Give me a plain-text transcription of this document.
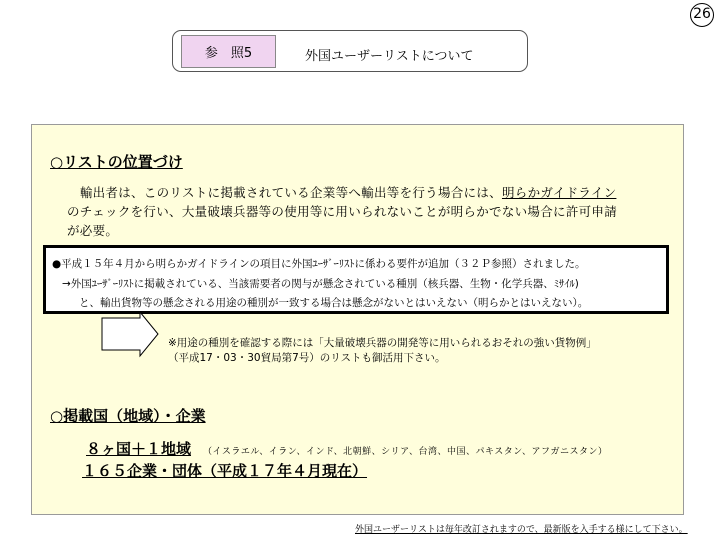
26
参　照5	外国ユーザーリストについて
○リストの位置づけ
　輸出者は、このリストに掲載されている企業等へ輸出等を行う場合には、明らかガイドライン
のチェックを行い、大量破壊兵器等の使用等に用いられないことが明らかでない場合に許可申請
が必要。
●平成１５年４月から明らかガイドラインの項目に外国ﾕｰｻﾞｰﾘｽﾄに係わる要件が追加（３２Ｐ参照）されました。
→外国ﾕｰｻﾞｰﾘｽﾄに掲載されている、当該需要者の関与が懸念されている種別（核兵器、生物・化学兵器、ﾐｻｲﾙ)
と、輸出貨物等の懸念される用途の種別が一致する場合は懸念がないとはいえない（明らかとはいえない）。
※用途の種別を確認する際には「大量破壊兵器の開発等に用いられるおそれの強い貨物例」
（平成17・03・30貿局第7号）のリストも御活用下さい。
○掲載国（地域）・企業
８ヶ国＋１地域 （イスラエル、イラン、インド、北朝鮮、シリア、台湾、中国、パキスタン、アフガニスタン）
１６５企業・団体（平成１７年４月現在）
外国ユーザーリストは毎年改訂されますので、最新版を入手する様にして下さい。
